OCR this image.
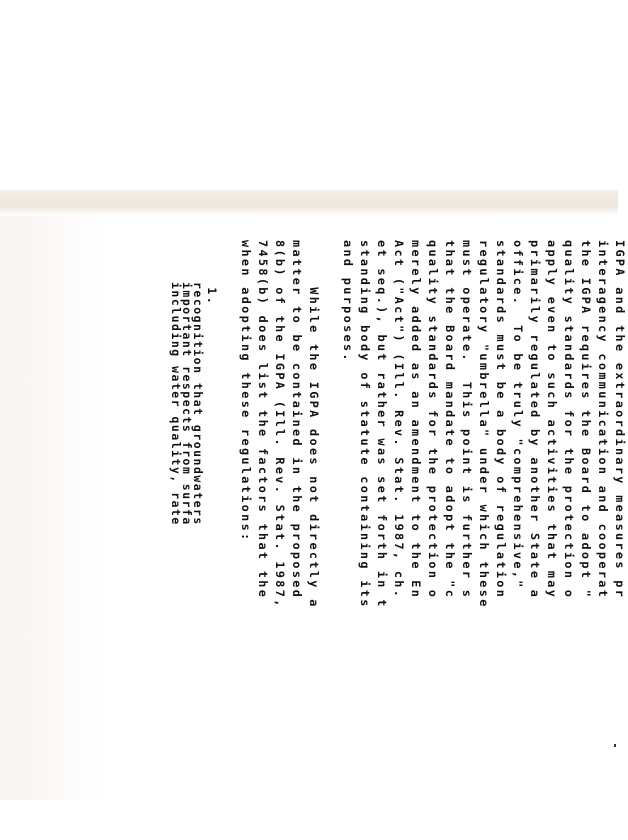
IGPA and the extraordinary measures pr
interagency communication and cooperat
the IGPA requires the Board to adopt "
quality standards for the protection o
apply even to such activities that may
primarily regulated by another State a
office.  To be truly "comprehensive,"
standards must be a body of regulation
regulatory "umbrella" under which these
must operate.  This point is further s
that the Board mandate to adopt the "c
quality standards for the protection o
merely added as an amendment to the En
Act ("Act") (Ill. Rev. Stat. 1987, ch.
et seq.), but rather was set forth in t
standing body of statute containing its
and purposes.
While the IGPA does not directly a
matter to be contained in the proposed
8(b) of the IGPA (Ill. Rev. Stat. 1987,
7458(b) does list the factors that the
when adopting these regulations:
1.
recognition that groundwaters
important respects from surfa
including water quality, rate
